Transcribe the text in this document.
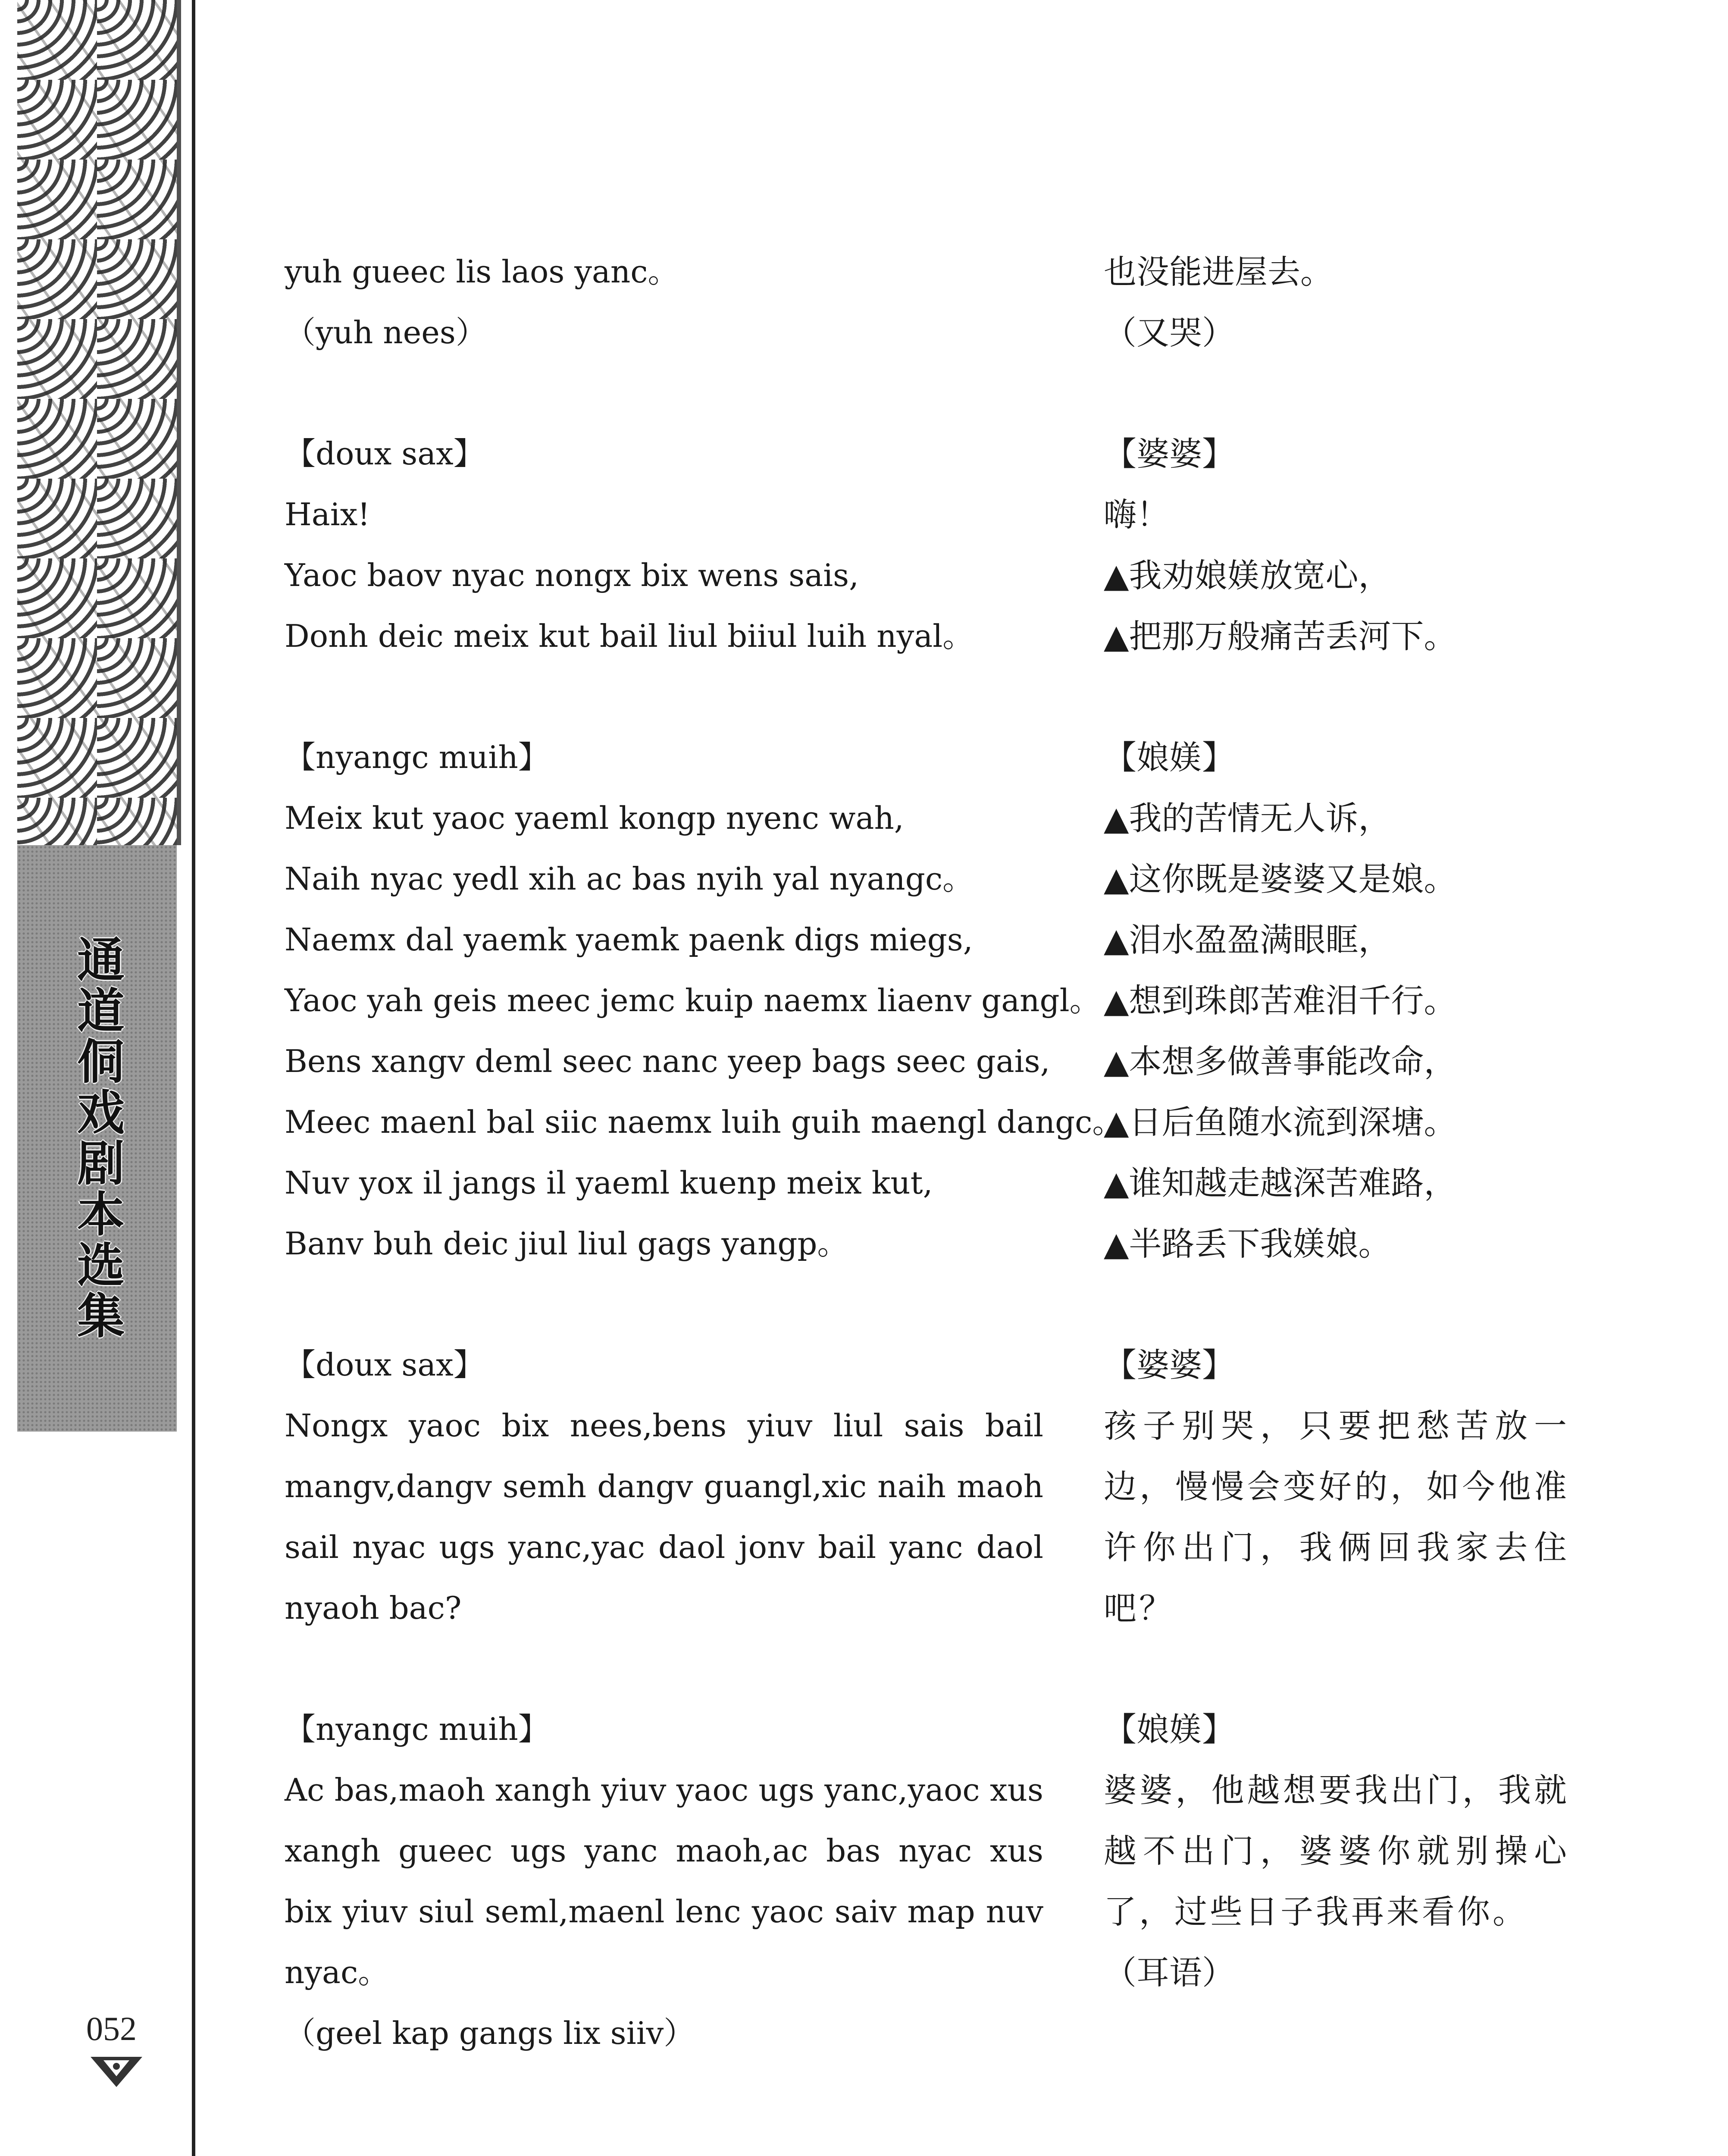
通道侗戏剧本选集
052
yuh gueec lis laos yanc。
（yuh nees）
也没能进屋去。
（又哭）
【doux sax】
Haix!
Yaoc baov nyac nongx bix wens sais,
Donh deic meix kut bail liul biiul luih nyal。
【婆婆】
嗨！
▲我劝娘媄放宽心，
▲把那万般痛苦丢河下。
【nyangc muih】
Meix kut yaoc yaeml kongp nyenc wah,
Naih nyac yedl xih ac bas nyih yal nyangc。
Naemx dal yaemk yaemk paenk digs miegs,
Yaoc yah geis meec jemc kuip naemx liaenv gangl。
Bens xangv deml seec nanc yeep bags seec gais,
Meec maenl bal siic naemx luih guih maengl dangc。
Nuv yox il jangs il yaeml kuenp meix kut,
Banv buh deic jiul liul gags yangp。
【娘媄】
▲我的苦情无人诉，
▲这你既是婆婆又是娘。
▲泪水盈盈满眼眶，
▲想到珠郎苦难泪千行。
▲本想多做善事能改命，
▲日后鱼随水流到深塘。
▲谁知越走越深苦难路，
▲半路丢下我媄娘。
【doux sax】
Nongx yaoc bix nees,bens yiuv liul sais bail mangv,dangv semh dangv guangl,xic naih maoh sail nyac ugs yanc,yac daol jonv bail yanc daol nyaoh bac?
【婆婆】
孩子别哭，只要把愁苦放一边，慢慢会变好的，如今他准许你出门，我俩回我家去住吧？
【nyangc muih】
Ac bas,maoh xangh yiuv yaoc ugs yanc,yaoc xus xangh gueec ugs yanc maoh,ac bas nyac xus bix yiuv siul seml,maenl lenc yaoc saiv map nuv nyac。
（geel kap gangs lix siiv）
【娘媄】
婆婆，他越想要我出门，我就越不出门，婆婆你就别操心了，过些日子我再来看你。
（耳语）
